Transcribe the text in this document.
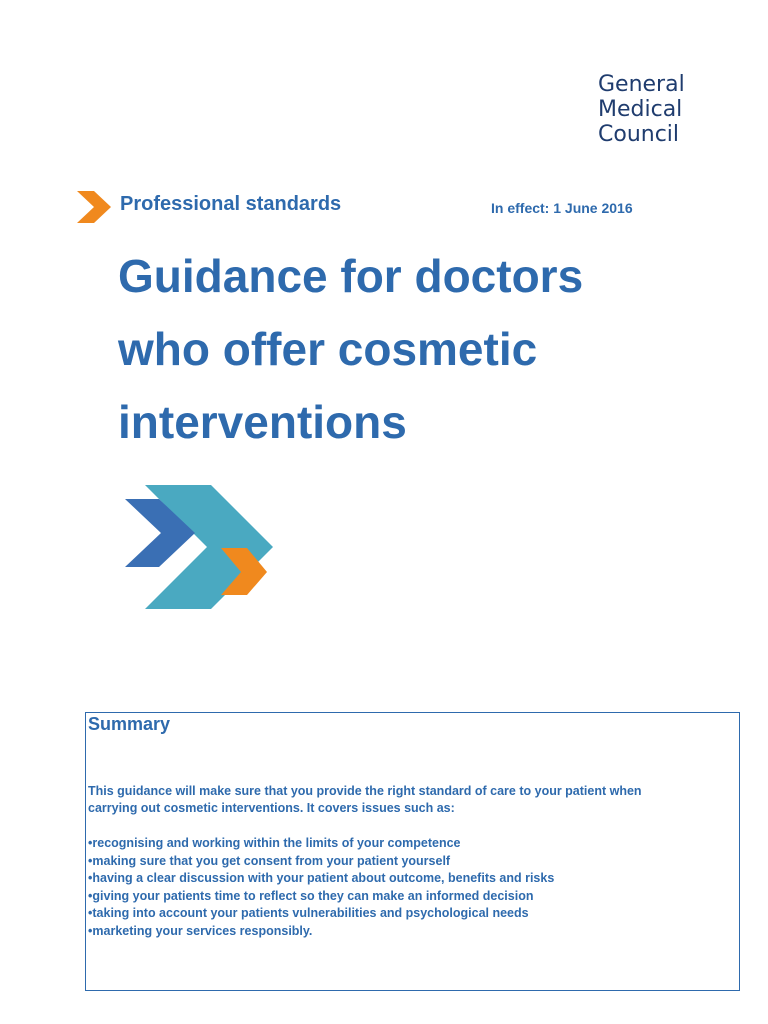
General
Medical
Council
Professional standards	In effect: 1 June 2016
Guidance for doctors
who offer cosmetic
interventions
Summary

This guidance will make sure that you provide the right standard of care to your patient when
carrying out cosmetic interventions. It covers issues such as:

• recognising and working within the limits of your competence
• making sure that you get consent from your patient yourself
• having a clear discussion with your patient about outcome, benefits and risks
• giving your patients time to reflect so they can make an informed decision
• taking into account your patients vulnerabilities and psychological needs
• marketing your services responsibly.
